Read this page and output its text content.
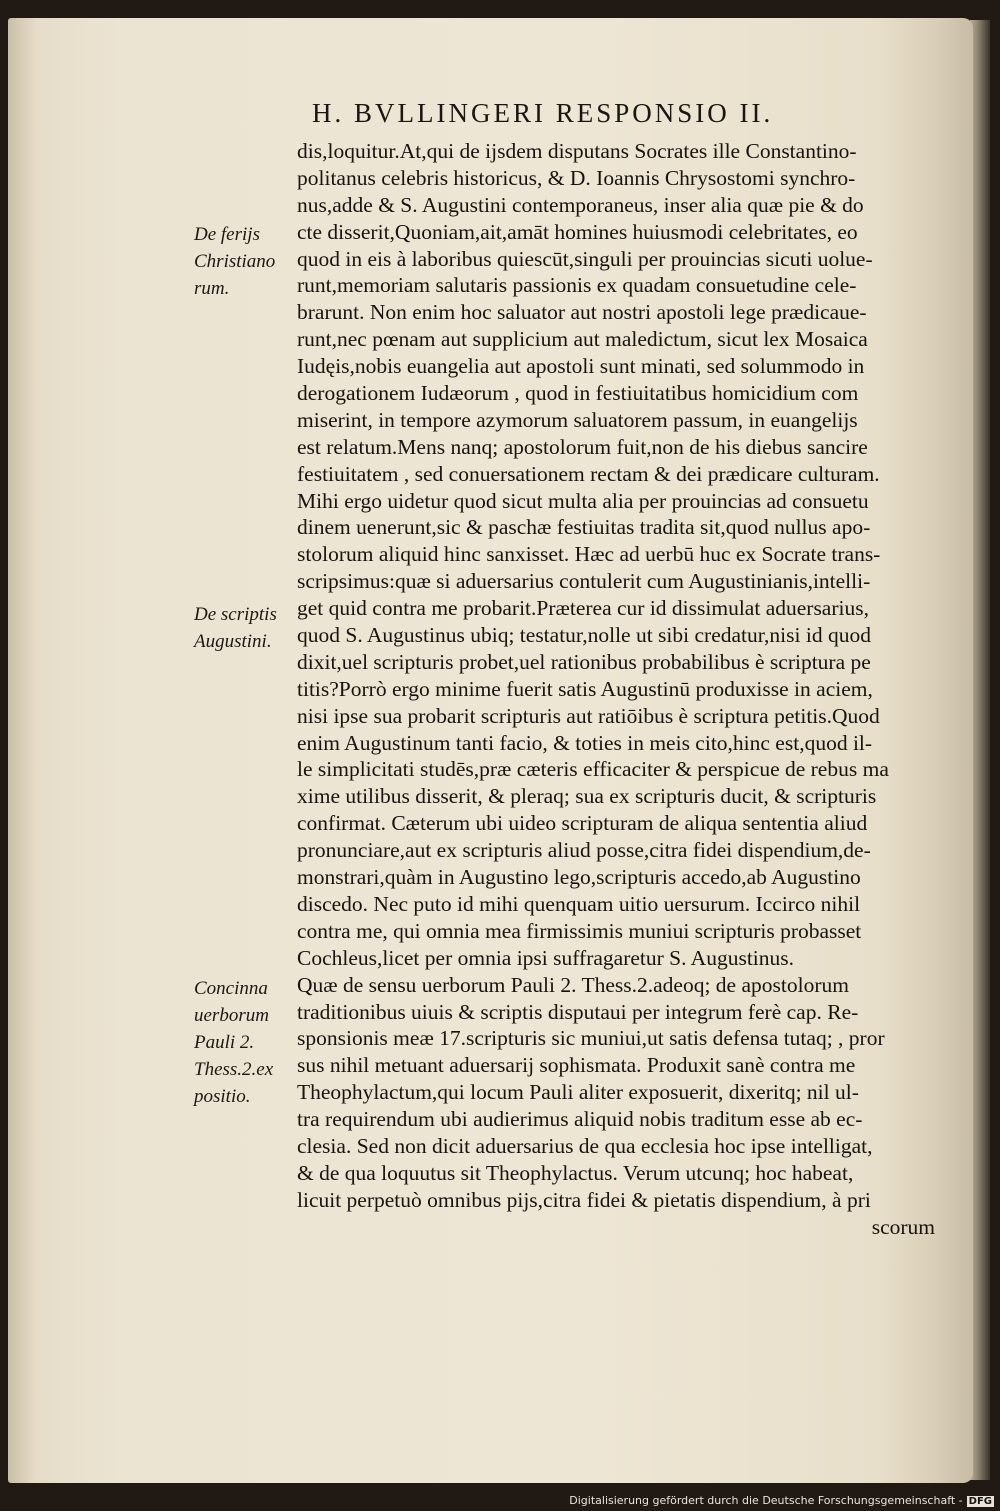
H. BVLLINGERI RESPONSIO II.
De ferijs
Christiano
rum.
De scriptis
Augustini.
Concinna
uerborum
Pauli 2.
Thess.2.ex
positio.
dis,loquitur.At,qui de ijsdem disputans Socrates ille Constantino-
politanus celebris historicus, & D. Ioannis Chrysostomi synchro-
nus,adde & S. Augustini contemporaneus, inser alia quæ pie & do
cte disserit,Quoniam,ait,amāt homines huiusmodi celebritates, eo
quod in eis à laboribus quiescūt,singuli per prouincias sicuti uolue-
runt,memoriam salutaris passionis ex quadam consuetudine cele-
brarunt. Non enim hoc saluator aut nostri apostoli lege prædicaue-
runt,nec pœnam aut supplicium aut maledictum, sicut lex Mosaica
Iudęis,nobis euangelia aut apostoli sunt minati, sed solummodo in
derogationem Iudæorum , quod in festiuitatibus homicidium com
miserint, in tempore azymorum saluatorem passum, in euangelijs
est relatum.Mens nanq; apostolorum fuit,non de his diebus sancire
festiuitatem , sed conuersationem rectam & dei prædicare culturam.
Mihi ergo uidetur quod sicut multa alia per prouincias ad consuetu
dinem uenerunt,sic & paschæ festiuitas tradita sit,quod nullus apo-
stolorum aliquid hinc sanxisset. Hæc ad uerbū huc ex Socrate trans-
scripsimus:quæ si aduersarius contulerit cum Augustinianis,intelli-
get quid contra me probarit.Præterea cur id dissimulat aduersarius,
quod S. Augustinus ubiq; testatur,nolle ut sibi credatur,nisi id quod
dixit,uel scripturis probet,uel rationibus probabilibus è scriptura pe
titis?Porrò ergo minime fuerit satis Augustinū produxisse in aciem,
nisi ipse sua probarit scripturis aut ratiōibus è scriptura petitis.Quod
enim Augustinum tanti facio, & toties in meis cito,hinc est,quod il-
le simplicitati studēs,præ cæteris efficaciter & perspicue de rebus ma
xime utilibus disserit, & pleraq; sua ex scripturis ducit, & scripturis
confirmat. Cæterum ubi uideo scripturam de aliqua sententia aliud
pronunciare,aut ex scripturis aliud posse,citra fidei dispendium,de-
monstrari,quàm in Augustino lego,scripturis accedo,ab Augustino
discedo. Nec puto id mihi quenquam uitio uersurum. Iccirco nihil
contra me, qui omnia mea firmissimis muniui scripturis probasset
Cochleus,licet per omnia ipsi suffragaretur S. Augustinus.
Quæ de sensu uerborum Pauli 2. Thess.2.adeoq; de apostolorum
traditionibus uiuis & scriptis disputaui per integrum ferè cap. Re-
sponsionis meæ 17.scripturis sic muniui,ut satis defensa tutaq; , pror
sus nihil metuant aduersarij sophismata. Produxit sanè contra me
Theophylactum,qui locum Pauli aliter exposuerit, dixeritq; nil ul-
tra requirendum ubi audierimus aliquid nobis traditum esse ab ec-
clesia. Sed non dicit aduersarius de qua ecclesia hoc ipse intelligat,
& de qua loquutus sit Theophylactus. Verum utcunq; hoc habeat,
licuit perpetuò omnibus pijs,citra fidei & pietatis dispendium, à pri
scorum
Digitalisierung gefördert durch die Deutsche Forschungsgemeinschaft - DFG
